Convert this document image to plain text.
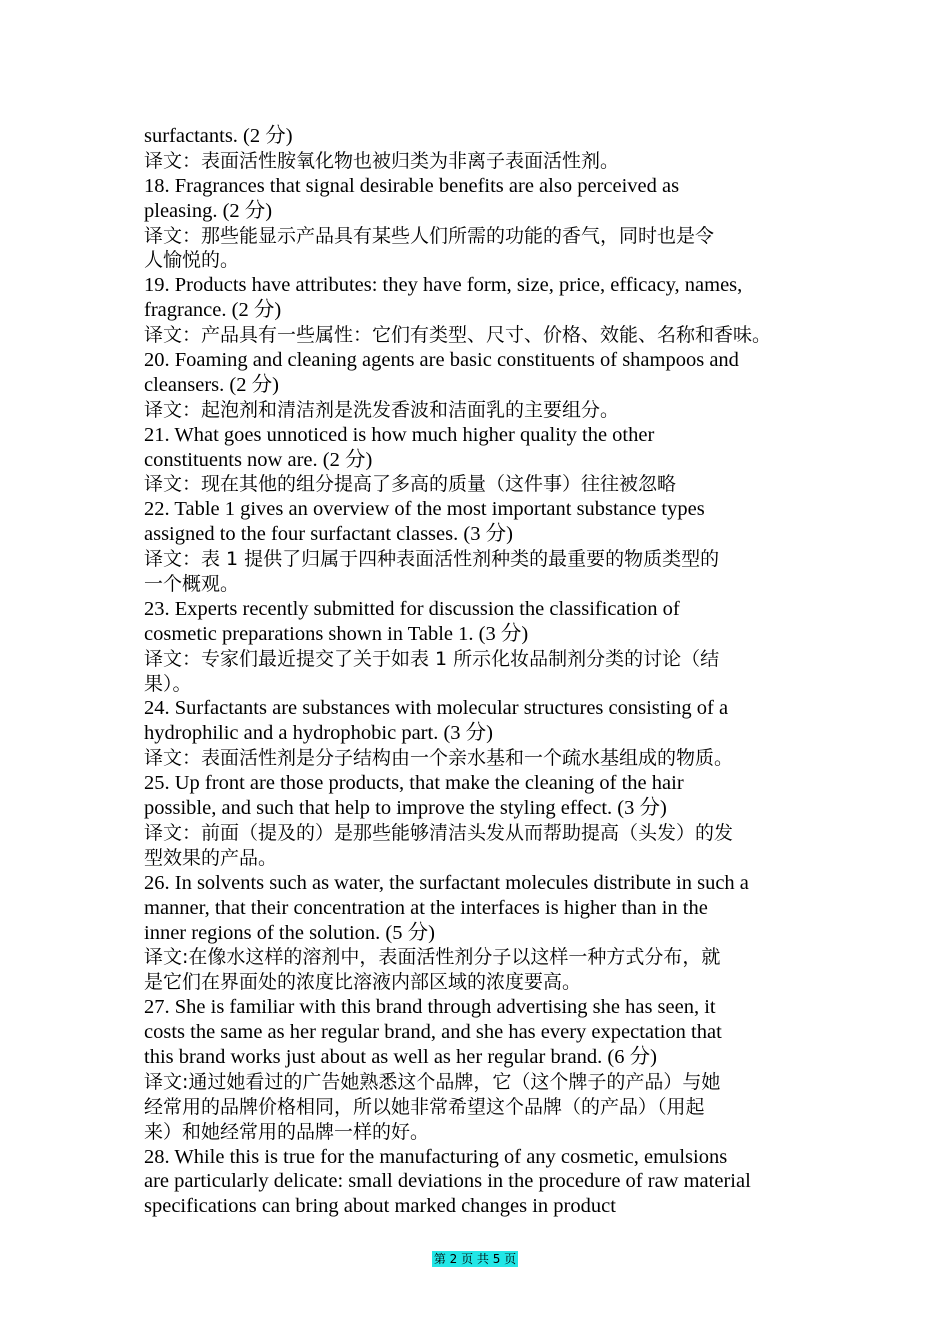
surfactants. (2 分)
译文：表面活性胺氧化物也被归类为非离子表面活性剂。
18. Fragrances that signal desirable benefits are also perceived as
pleasing. (2 分)
译文：那些能显示产品具有某些人们所需的功能的香气，同时也是令
人愉悦的。
19. Products have attributes: they have form, size, price, efficacy, names,
fragrance. (2 分)
译文：产品具有一些属性：它们有类型、尺寸、价格、效能、名称和香味。
20. Foaming and cleaning agents are basic constituents of shampoos and
cleansers. (2 分)
译文：起泡剂和清洁剂是洗发香波和洁面乳的主要组分。
21. What goes unnoticed is how much higher quality the other
constituents now are. (2 分)
译文：现在其他的组分提高了多高的质量（这件事）往往被忽略
22. Table 1 gives an overview of the most important substance types
assigned to the four surfactant classes. (3 分)
译文：表 1 提供了归属于四种表面活性剂种类的最重要的物质类型的
一个概观。
23. Experts recently submitted for discussion the classification of
cosmetic preparations shown in Table 1. (3 分)
译文：专家们最近提交了关于如表 1 所示化妆品制剂分类的讨论（结
果）。
24. Surfactants are substances with molecular structures consisting of a
hydrophilic and a hydrophobic part. (3 分)
译文：表面活性剂是分子结构由一个亲水基和一个疏水基组成的物质。
25. Up front are those products, that make the cleaning of the hair
possible, and such that help to improve the styling effect. (3 分)
译文：前面（提及的）是那些能够清洁头发从而帮助提高（头发）的发
型效果的产品。
26. In solvents such as water, the surfactant molecules distribute in such a
manner, that their concentration at the interfaces is higher than in the
inner regions of the solution. (5 分)
译文:在像水这样的溶剂中，表面活性剂分子以这样一种方式分布，就
是它们在界面处的浓度比溶液内部区域的浓度要高。
27. She is familiar with this brand through advertising she has seen, it
costs the same as her regular brand, and she has every expectation that
this brand works just about as well as her regular brand. (6 分)
译文:通过她看过的广告她熟悉这个品牌，它（这个牌子的产品）与她
经常用的品牌价格相同，所以她非常希望这个品牌（的产品）（用起
来）和她经常用的品牌一样的好。
28. While this is true for the manufacturing of any cosmetic, emulsions
are particularly delicate: small deviations in the procedure of raw material
specifications can bring about marked changes in product
第 2 页 共 5 页
